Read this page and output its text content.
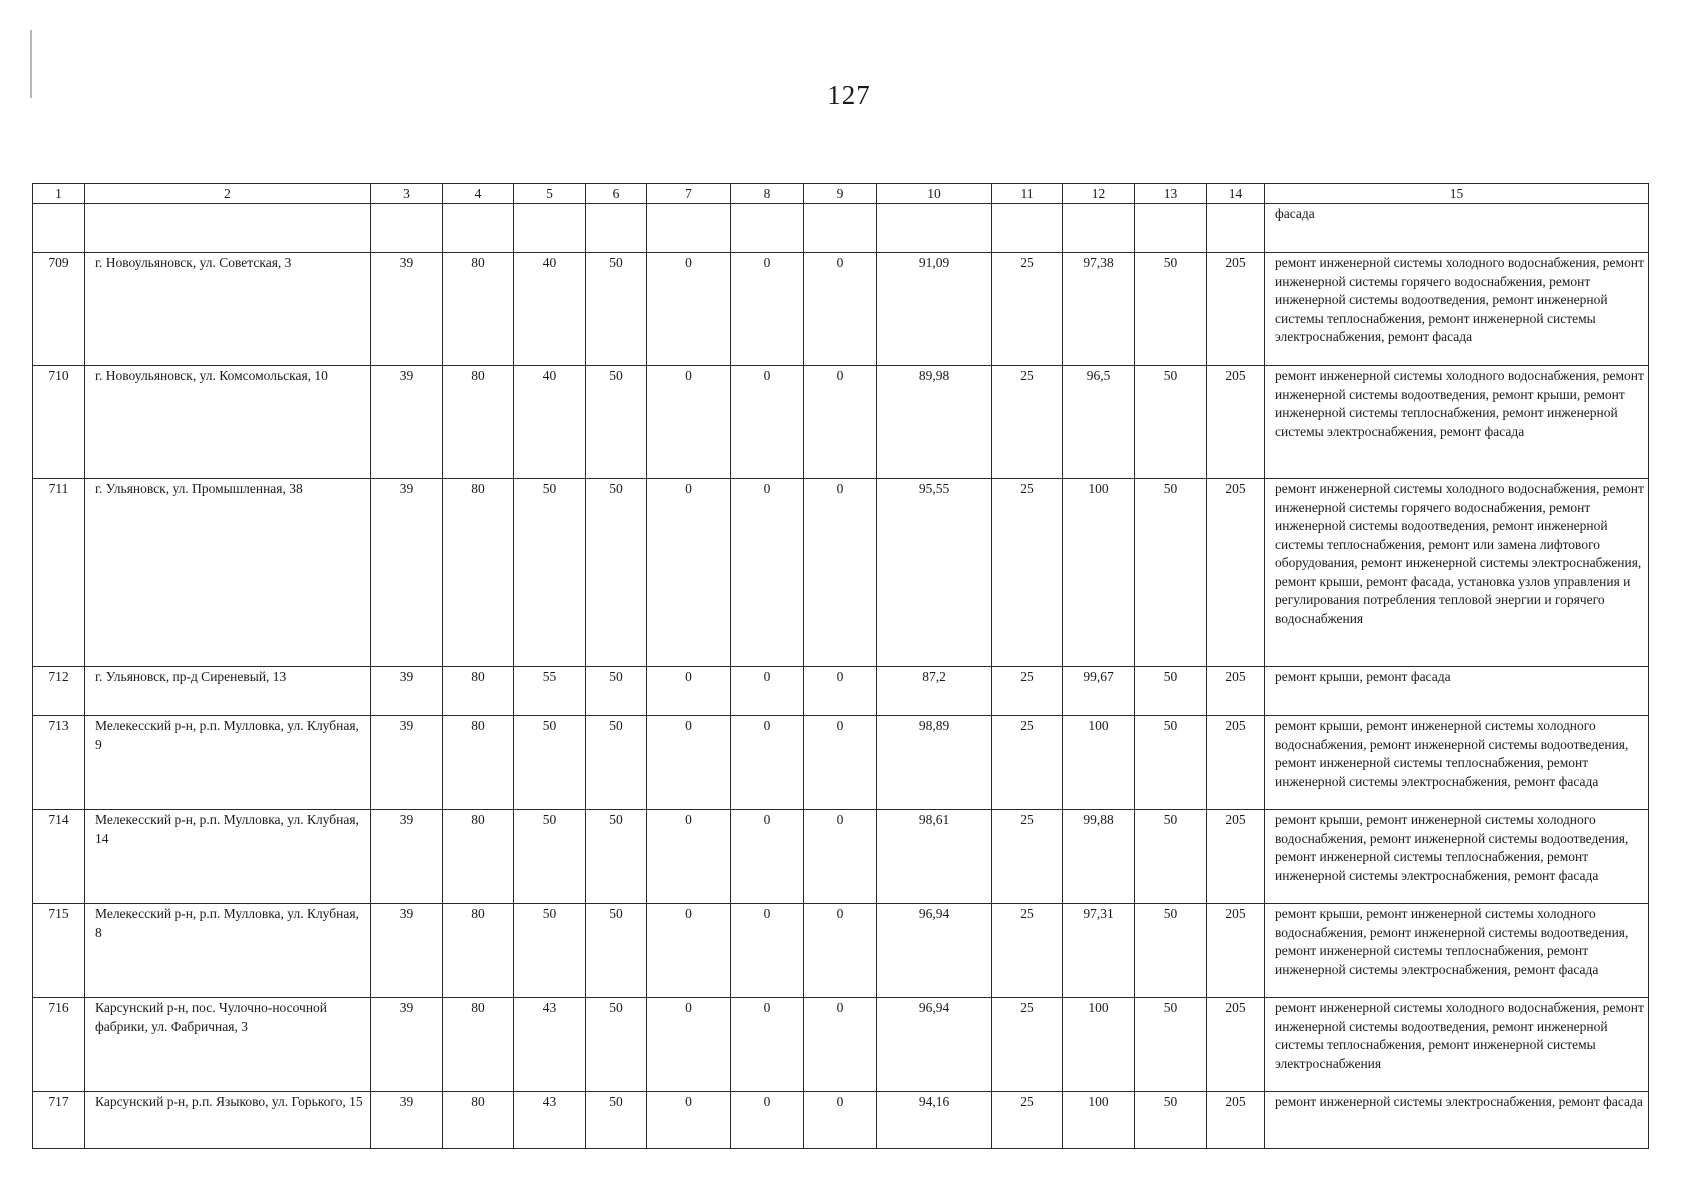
127
1	2	3	4	5	6	7	8	9	10	11	12	13	14	15
														фасада
709	г. Новоульяновск, ул. Советская, 3	39	80	40	50	0	0	0	91,09	25	97,38	50	205	ремонт инженерной системы холодного водоснабжения, ремонт инженерной системы горячего водоснабжения, ремонт инженерной системы водоотведения, ремонт инженерной системы теплоснабжения, ремонт инженерной системы электроснабжения, ремонт фасада
710	г. Новоульяновск, ул. Комсомольская, 10	39	80	40	50	0	0	0	89,98	25	96,5	50	205	ремонт инженерной системы холодного водоснабжения, ремонт инженерной системы водоотведения, ремонт крыши, ремонт инженерной системы теплоснабжения, ремонт инженерной системы электроснабжения, ремонт фасада
711	г. Ульяновск, ул. Промышленная, 38	39	80	50	50	0	0	0	95,55	25	100	50	205	ремонт инженерной системы холодного водоснабжения, ремонт инженерной системы горячего водоснабжения, ремонт инженерной системы водоотведения, ремонт инженерной системы теплоснабжения, ремонт или замена лифтового оборудования, ремонт инженерной системы электроснабжения, ремонт крыши, ремонт фасада, установка узлов управления и регулирования потребления тепловой энергии и горячего водоснабжения
712	г. Ульяновск, пр-д Сиреневый, 13	39	80	55	50	0	0	0	87,2	25	99,67	50	205	ремонт крыши, ремонт фасада
713	Мелекесский р-н, р.п. Мулловка, ул. Клубная, 9	39	80	50	50	0	0	0	98,89	25	100	50	205	ремонт крыши, ремонт инженерной системы холодного водоснабжения, ремонт инженерной системы водоотведения, ремонт инженерной системы теплоснабжения, ремонт инженерной системы электроснабжения, ремонт фасада
714	Мелекесский р-н, р.п. Мулловка, ул. Клубная, 14	39	80	50	50	0	0	0	98,61	25	99,88	50	205	ремонт крыши, ремонт инженерной системы холодного водоснабжения, ремонт инженерной системы водоотведения, ремонт инженерной системы теплоснабжения, ремонт инженерной системы электроснабжения, ремонт фасада
715	Мелекесский р-н, р.п. Мулловка, ул. Клубная, 8	39	80	50	50	0	0	0	96,94	25	97,31	50	205	ремонт крыши, ремонт инженерной системы холодного водоснабжения, ремонт инженерной системы водоотведения, ремонт инженерной системы теплоснабжения, ремонт инженерной системы электроснабжения, ремонт фасада
716	Карсунский р-н, пос. Чулочно-носочной фабрики, ул. Фабричная, 3	39	80	43	50	0	0	0	96,94	25	100	50	205	ремонт инженерной системы холодного водоснабжения, ремонт инженерной системы водоотведения, ремонт инженерной системы теплоснабжения, ремонт инженерной системы электроснабжения
717	Карсунский р-н, р.п. Языково, ул. Горького, 15	39	80	43	50	0	0	0	94,16	25	100	50	205	ремонт инженерной системы электроснабжения, ремонт фасада
